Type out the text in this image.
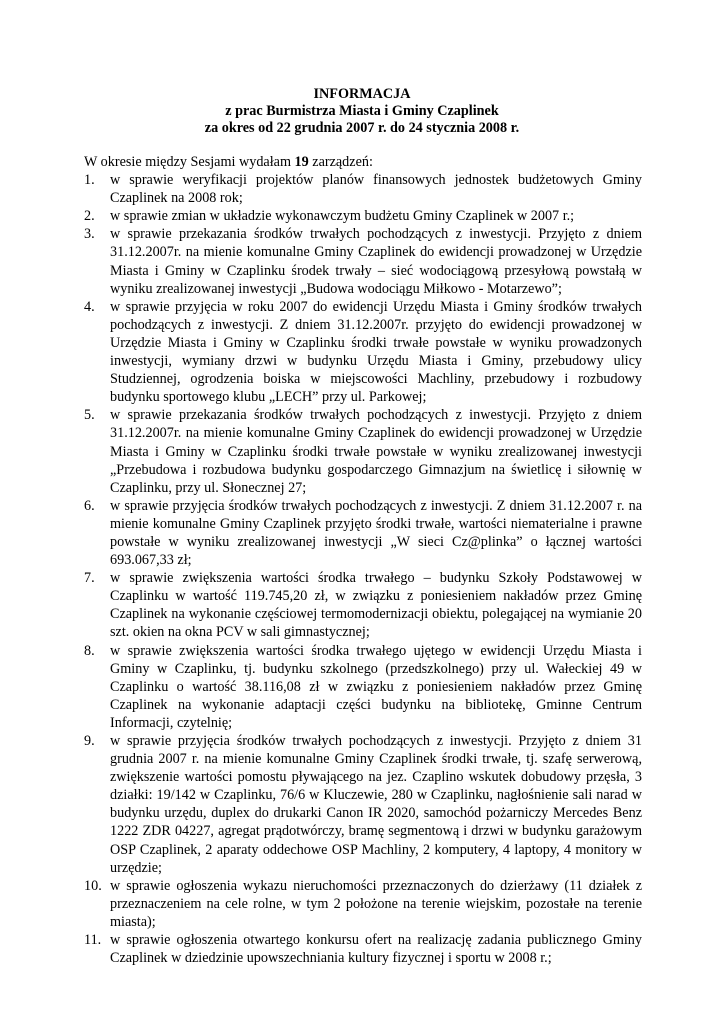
INFORMACJA
z prac Burmistrza Miasta i Gminy Czaplinek
za okres od 22 grudnia 2007 r. do 24 stycznia 2008 r.

W okresie między Sesjami wydałam 19 zarządzeń:

1. w sprawie weryfikacji projektów planów finansowych jednostek budżetowych Gminy Czaplinek na 2008 rok;
2. w sprawie zmian w układzie wykonawczym budżetu Gminy Czaplinek w 2007 r.;
3. w sprawie przekazania środków trwałych pochodzących z inwestycji. Przyjęto z dniem 31.12.2007r. na mienie komunalne Gminy Czaplinek do ewidencji prowadzonej w Urzędzie Miasta i Gminy w Czaplinku środek trwały – sieć wodociągową przesyłową powstałą w wyniku zrealizowanej inwestycji „Budowa wodociągu Miłkowo - Motarzewo”;
4. w sprawie przyjęcia w roku 2007 do ewidencji Urzędu Miasta i Gminy środków trwałych pochodzących z inwestycji. Z dniem 31.12.2007r. przyjęto do ewidencji prowadzonej w Urzędzie Miasta i Gminy w Czaplinku środki trwałe powstałe w wyniku prowadzonych inwestycji, wymiany drzwi w budynku Urzędu Miasta i Gminy, przebudowy ulicy Studziennej, ogrodzenia boiska w miejscowości Machliny, przebudowy i rozbudowy budynku sportowego klubu „LECH” przy ul. Parkowej;
5. w sprawie przekazania środków trwałych pochodzących z inwestycji. Przyjęto z dniem 31.12.2007r. na mienie komunalne Gminy Czaplinek do ewidencji prowadzonej w Urzędzie Miasta i Gminy w Czaplinku środki trwałe powstałe w wyniku zrealizowanej inwestycji „Przebudowa i rozbudowa budynku gospodarczego Gimnazjum na świetlicę i siłownię w Czaplinku, przy ul. Słonecznej 27;
6. w sprawie przyjęcia środków trwałych pochodzących z inwestycji. Z dniem 31.12.2007 r. na mienie komunalne Gminy Czaplinek przyjęto środki trwałe, wartości niematerialne i prawne powstałe w wyniku zrealizowanej inwestycji „W sieci Cz@plinka” o łącznej wartości 693.067,33 zł;
7. w sprawie zwiększenia wartości środka trwałego – budynku Szkoły Podstawowej w Czaplinku w wartość 119.745,20 zł, w związku z poniesieniem nakładów przez Gminę Czaplinek na wykonanie częściowej termomodernizacji obiektu, polegającej na wymianie 20 szt. okien na okna PCV w sali gimnastycznej;
8. w sprawie zwiększenia wartości środka trwałego ujętego w ewidencji Urzędu Miasta i Gminy w Czaplinku, tj. budynku szkolnego (przedszkolnego) przy ul. Wałeckiej 49 w Czaplinku o wartość 38.116,08 zł w związku z poniesieniem nakładów przez Gminę Czaplinek na wykonanie adaptacji części budynku na bibliotekę, Gminne Centrum Informacji, czytelnię;
9. w sprawie przyjęcia środków trwałych pochodzących z inwestycji. Przyjęto z dniem 31 grudnia 2007 r. na mienie komunalne Gminy Czaplinek środki trwałe, tj. szafę serwerową, zwiększenie wartości pomostu pływającego na jez. Czaplino wskutek dobudowy przęsła, 3 działki: 19/142 w Czaplinku, 76/6 w Kluczewie, 280 w Czaplinku, nagłośnienie sali narad w budynku urzędu, duplex do drukarki Canon IR 2020, samochód pożarniczy Mercedes Benz 1222 ZDR 04227, agregat prądotwórczy, bramę segmentową i drzwi w budynku garażowym OSP Czaplinek, 2 aparaty oddechowe OSP Machliny, 2 komputery, 4 laptopy, 4 monitory w urzędzie;
10. w sprawie ogłoszenia wykazu nieruchomości przeznaczonych do dzierżawy (11 działek z przeznaczeniem na cele rolne, w tym 2 położone na terenie wiejskim, pozostałe na terenie miasta);
11. w sprawie ogłoszenia otwartego konkursu ofert na realizację zadania publicznego Gminy Czaplinek w dziedzinie upowszechniania kultury fizycznej i sportu w 2008 r.;
